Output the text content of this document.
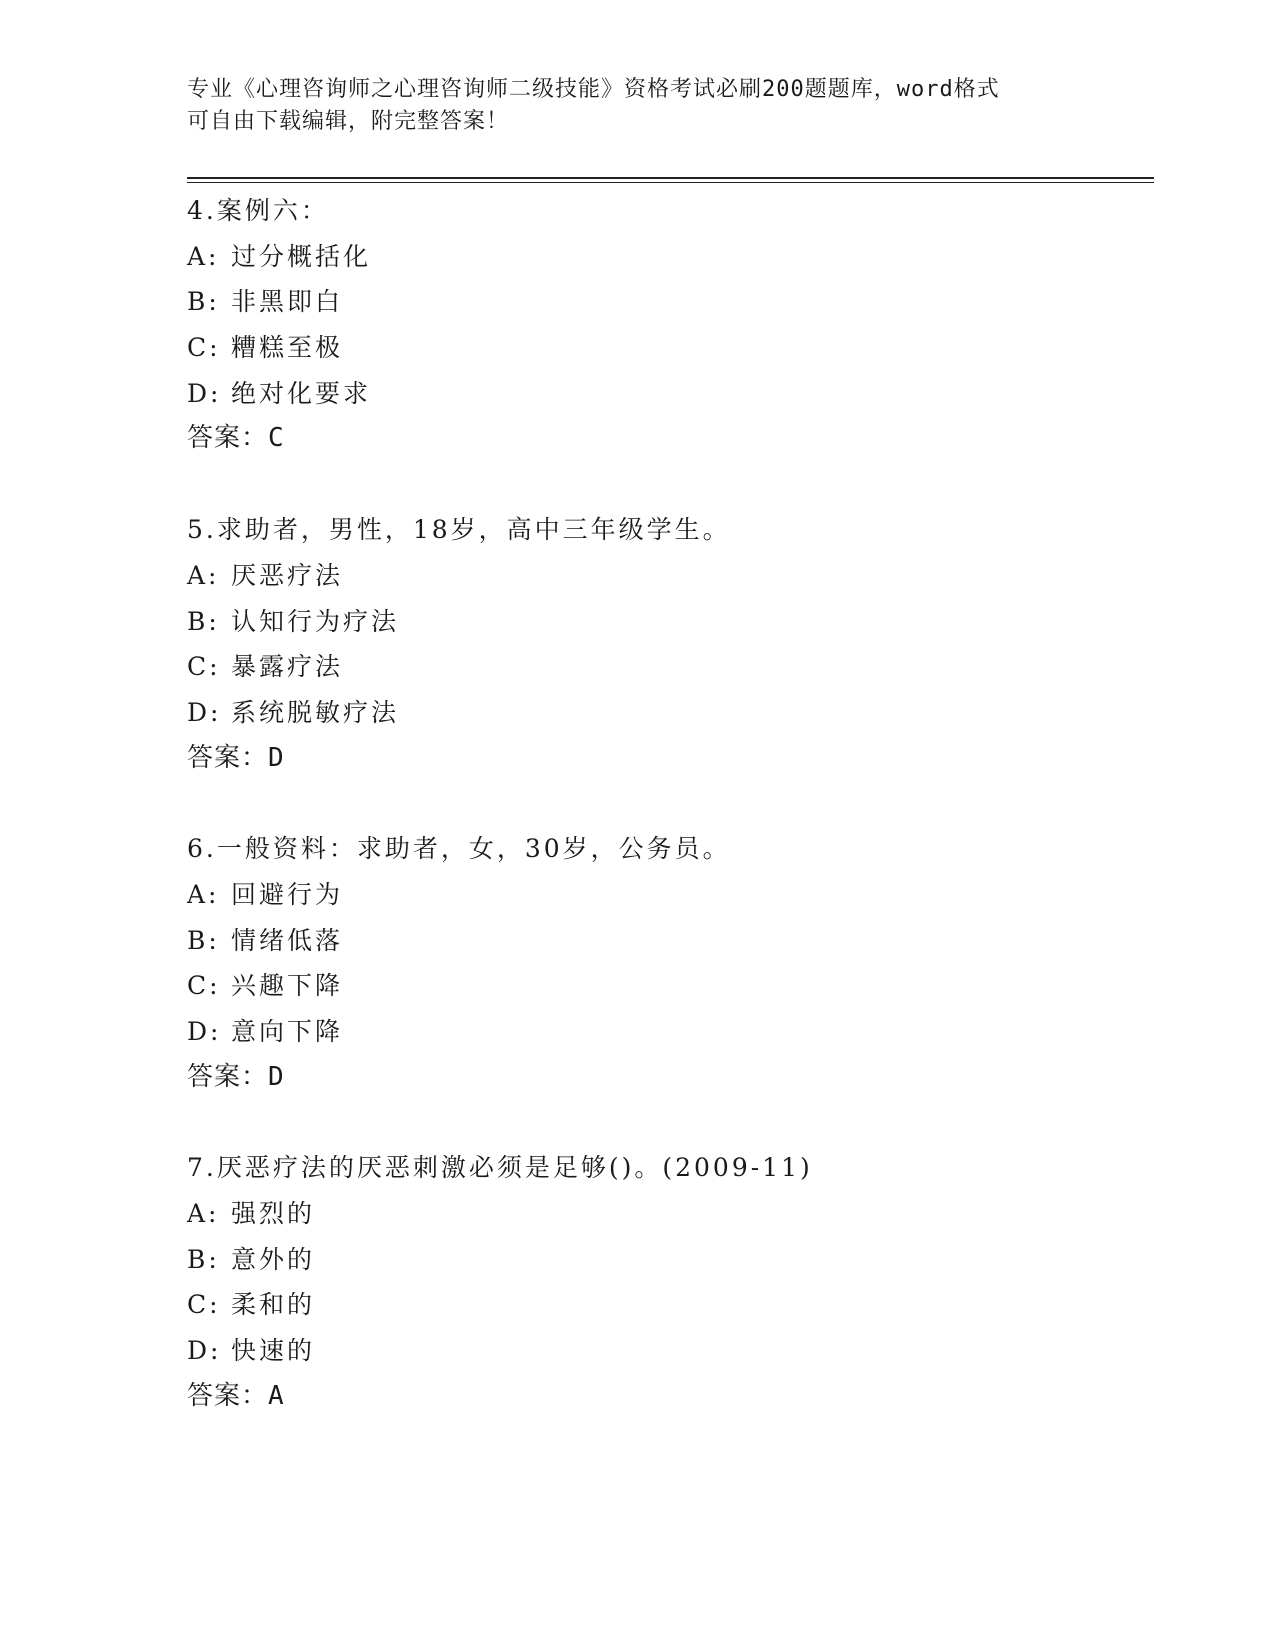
专业《心理咨询师之心理咨询师二级技能》资格考试必刷200题题库，word格式
可自由下载编辑，附完整答案！
4.案例六：
A: 过分概括化
B: 非黑即白
C: 糟糕至极
D: 绝对化要求
答案：C
5.求助者，男性，18岁，高中三年级学生。
A: 厌恶疗法
B: 认知行为疗法
C: 暴露疗法
D: 系统脱敏疗法
答案：D
6.一般资料：求助者，女，30岁，公务员。
A: 回避行为
B: 情绪低落
C: 兴趣下降
D: 意向下降
答案：D
7.厌恶疗法的厌恶刺激必须是足够()。(2009-11)
A: 强烈的
B: 意外的
C: 柔和的
D: 快速的
答案：A
